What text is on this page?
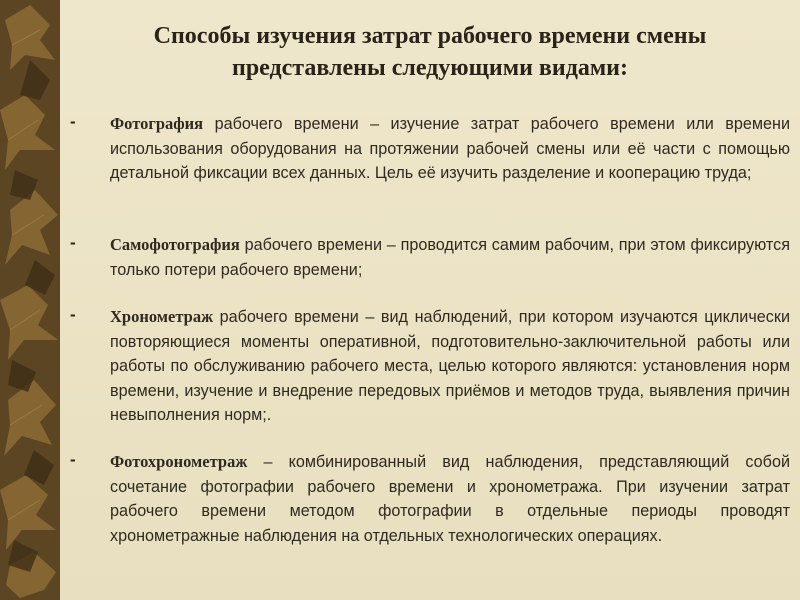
Способы изучения затрат рабочего времени смены
представлены следующими видами:
- Фотография рабочего времени – изучение затрат рабочего времени или времени использования оборудования на протяжении рабочей смены или её части с помощью детальной фиксации всех данных. Цель её изучить разделение и кооперацию труда;
- Самофотография рабочего времени – проводится самим рабочим, при этом фиксируются только потери рабочего времени;
- Хронометраж рабочего времени – вид наблюдений, при котором изучаются циклически повторяющиеся моменты оперативной, подготовительно-заключительной работы или работы по обслуживанию рабочего места, целью которого являются: установления норм времени, изучение и внедрение передовых приёмов и методов труда, выявления причин невыполнения норм;.
- Фотохронометраж – комбинированный вид наблюдения, представляющий собой сочетание фотографии рабочего времени и хронометража. При изучении затрат рабочего времени методом фотографии в отдельные периоды проводят хронометражные наблюдения на отдельных технологических операциях.
